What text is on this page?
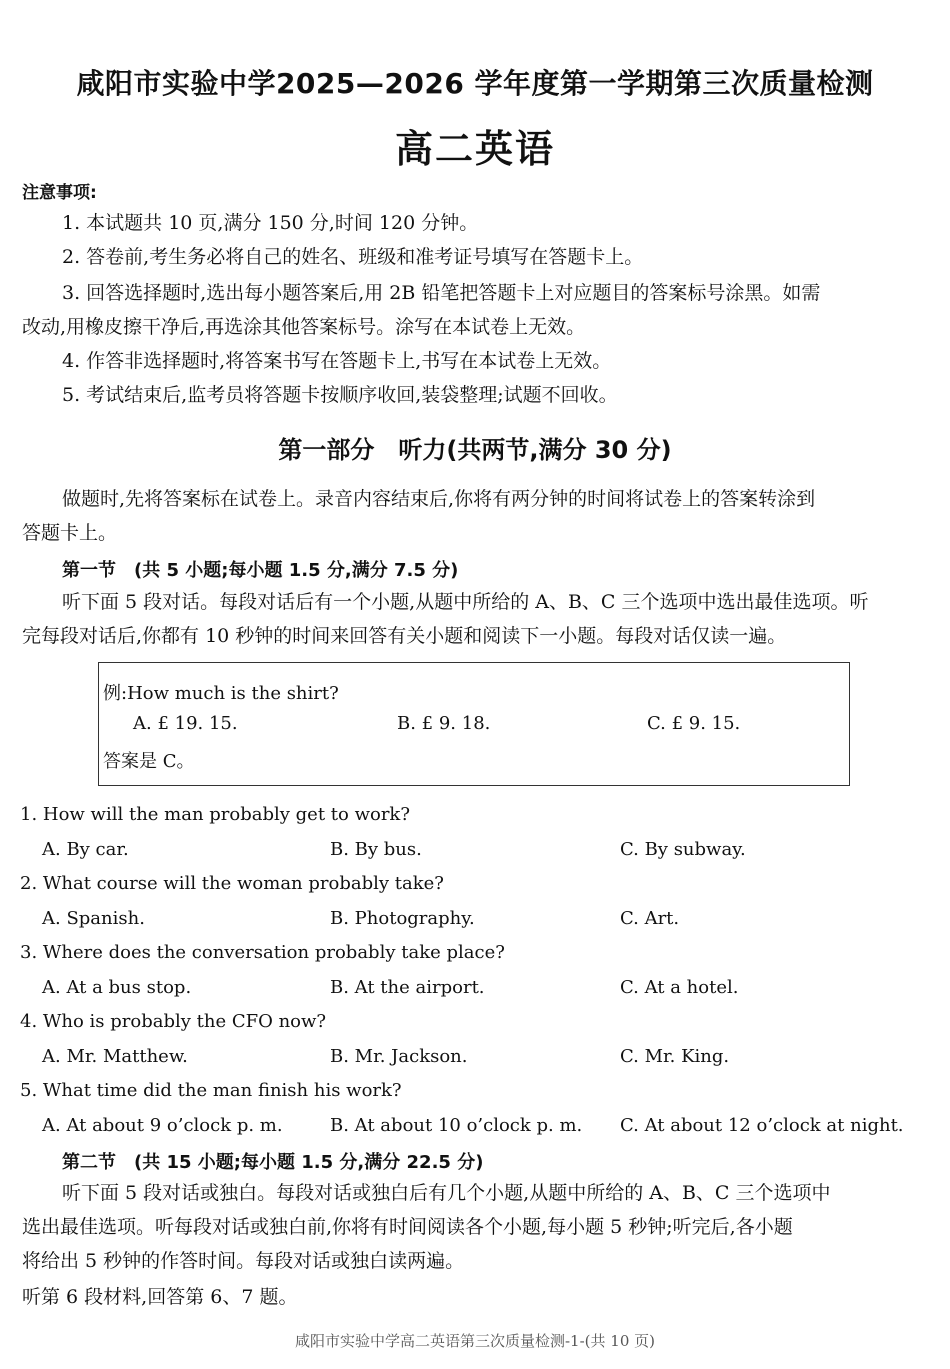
咸阳市实验中学2025—2026 学年度第一学期第三次质量检测
高二英语
注意事项:
1. 本试题共 10 页,满分 150 分,时间 120 分钟。
2. 答卷前,考生务必将自己的姓名、班级和准考证号填写在答题卡上。
3. 回答选择题时,选出每小题答案后,用 2B 铅笔把答题卡上对应题目的答案标号涂黑。如需
改动,用橡皮擦干净后,再选涂其他答案标号。涂写在本试卷上无效。
4. 作答非选择题时,将答案书写在答题卡上,书写在本试卷上无效。
5. 考试结束后,监考员将答题卡按顺序收回,装袋整理;试题不回收。
第一部分　听力(共两节,满分 30 分)
做题时,先将答案标在试卷上。录音内容结束后,你将有两分钟的时间将试卷上的答案转涂到
答题卡上。
第一节　(共 5 小题;每小题 1.5 分,满分 7.5 分)
听下面 5 段对话。每段对话后有一个小题,从题中所给的 A、B、C 三个选项中选出最佳选项。听
完每段对话后,你都有 10 秒钟的时间来回答有关小题和阅读下一小题。每段对话仅读一遍。
例:How much is the shirt?
A. £ 19. 15.	B. £ 9. 18.	C. £ 9. 15.
答案是 C。
1. How will the man probably get to work?
A. By car.	B. By bus.	C. By subway.
2. What course will the woman probably take?
A. Spanish.	B. Photography.	C. Art.
3. Where does the conversation probably take place?
A. At a bus stop.	B. At the airport.	C. At a hotel.
4. Who is probably the CFO now?
A. Mr. Matthew.	B. Mr. Jackson.	C. Mr. King.
5. What time did the man finish his work?
A. At about 9 o’clock p. m.	B. At about 10 o’clock p. m. C. At about 12 o’clock at night.
第二节　(共 15 小题;每小题 1.5 分,满分 22.5 分)
听下面 5 段对话或独白。每段对话或独白后有几个小题,从题中所给的 A、B、C 三个选项中
选出最佳选项。听每段对话或独白前,你将有时间阅读各个小题,每小题 5 秒钟;听完后,各小题
将给出 5 秒钟的作答时间。每段对话或独白读两遍。
听第 6 段材料,回答第 6、7 题。
咸阳市实验中学高二英语第三次质量检测-1-(共 10 页)
